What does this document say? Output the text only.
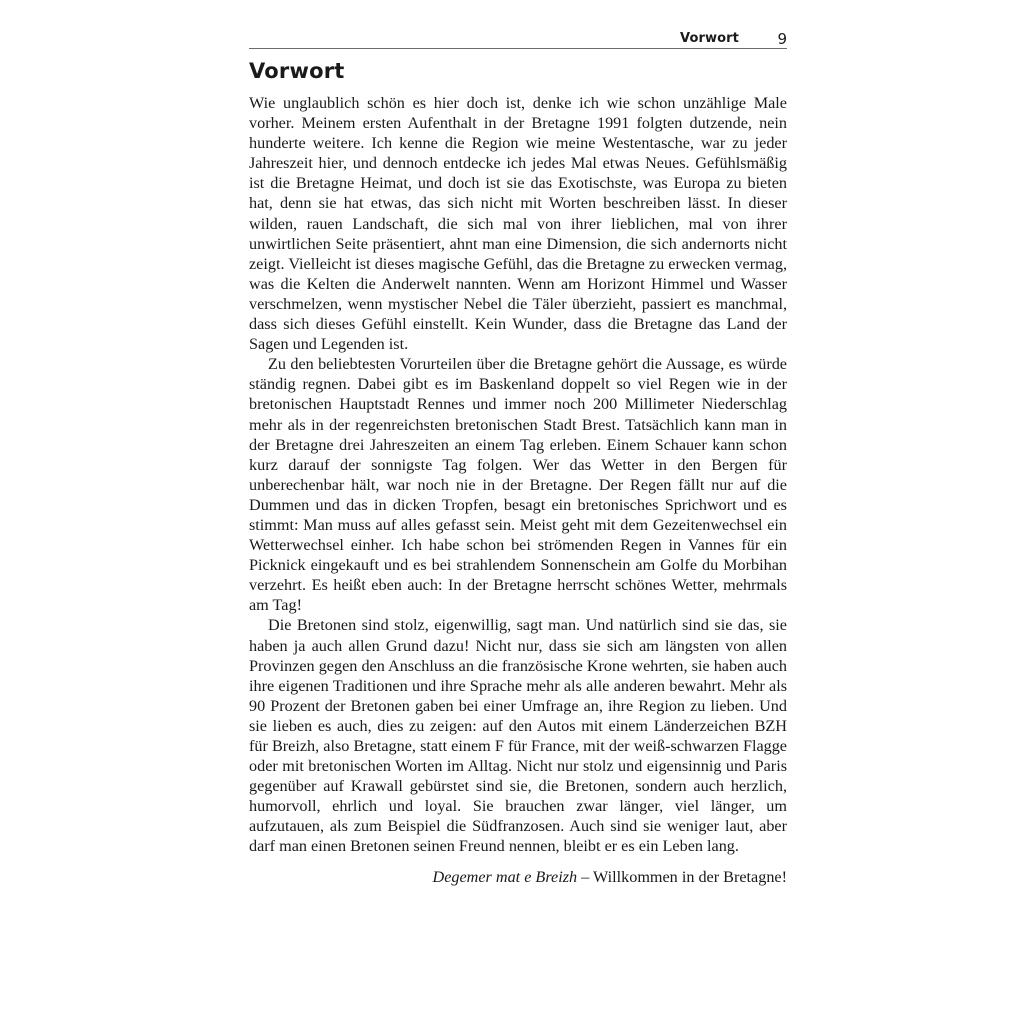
Vorwort	9
Vorwort

Wie unglaublich schön es hier doch ist, denke ich wie schon unzählige Male vorher. Meinem ersten Aufenthalt in der Bretagne 1991 folgten dutzende, nein hunderte weitere. Ich kenne die Region wie meine Westentasche, war zu jeder Jahreszeit hier, und dennoch entdecke ich jedes Mal etwas Neues. Gefühlsmäßig ist die Bretagne Heimat, und doch ist sie das Exotischste, was Europa zu bieten hat, denn sie hat etwas, das sich nicht mit Worten beschreiben lässt. In dieser wilden, rauen Landschaft, die sich mal von ihrer lieblichen, mal von ihrer unwirtlichen Seite präsentiert, ahnt man eine Dimension, die sich andernorts nicht zeigt. Vielleicht ist dieses magische Gefühl, das die Bretagne zu erwecken vermag, was die Kelten die Anderwelt nannten. Wenn am Horizont Himmel und Wasser verschmelzen, wenn mystischer Nebel die Täler überzieht, passiert es manchmal, dass sich dieses Gefühl einstellt. Kein Wunder, dass die Bretagne das Land der Sagen und Legenden ist.

Zu den beliebtesten Vorurteilen über die Bretagne gehört die Aussage, es würde ständig regnen. Dabei gibt es im Baskenland doppelt so viel Regen wie in der bretonischen Hauptstadt Rennes und immer noch 200 Millimeter Niederschlag mehr als in der regenreichsten bretonischen Stadt Brest. Tatsächlich kann man in der Bretagne drei Jahreszeiten an einem Tag erleben. Einem Schauer kann schon kurz darauf der sonnigste Tag folgen. Wer das Wetter in den Bergen für unberechenbar hält, war noch nie in der Bretagne. Der Regen fällt nur auf die Dummen und das in dicken Tropfen, besagt ein bretonisches Sprichwort und es stimmt: Man muss auf alles gefasst sein. Meist geht mit dem Gezeitenwechsel ein Wetterwechsel einher. Ich habe schon bei strömenden Regen in Vannes für ein Picknick eingekauft und es bei strahlendem Sonnenschein am Golfe du Morbihan verzehrt. Es heißt eben auch: In der Bretagne herrscht schönes Wetter, mehrmals am Tag!

Die Bretonen sind stolz, eigenwillig, sagt man. Und natürlich sind sie das, sie haben ja auch allen Grund dazu! Nicht nur, dass sie sich am längsten von allen Provinzen gegen den Anschluss an die französische Krone wehrten, sie haben auch ihre eigenen Traditionen und ihre Sprache mehr als alle anderen bewahrt. Mehr als 90 Prozent der Bretonen gaben bei einer Umfrage an, ihre Region zu lieben. Und sie lieben es auch, dies zu zeigen: auf den Autos mit einem Länderzeichen BZH für Breizh, also Bretagne, statt einem F für France, mit der weiß-schwarzen Flagge oder mit bretonischen Worten im Alltag. Nicht nur stolz und eigensinnig und Paris gegenüber auf Krawall gebürstet sind sie, die Bretonen, sondern auch herzlich, humorvoll, ehrlich und loyal. Sie brauchen zwar länger, viel länger, um aufzutauen, als zum Beispiel die Südfranzosen. Auch sind sie weniger laut, aber darf man einen Bretonen seinen Freund nennen, bleibt er es ein Leben lang.

Degemer mat e Breizh – Willkommen in der Bretagne!
